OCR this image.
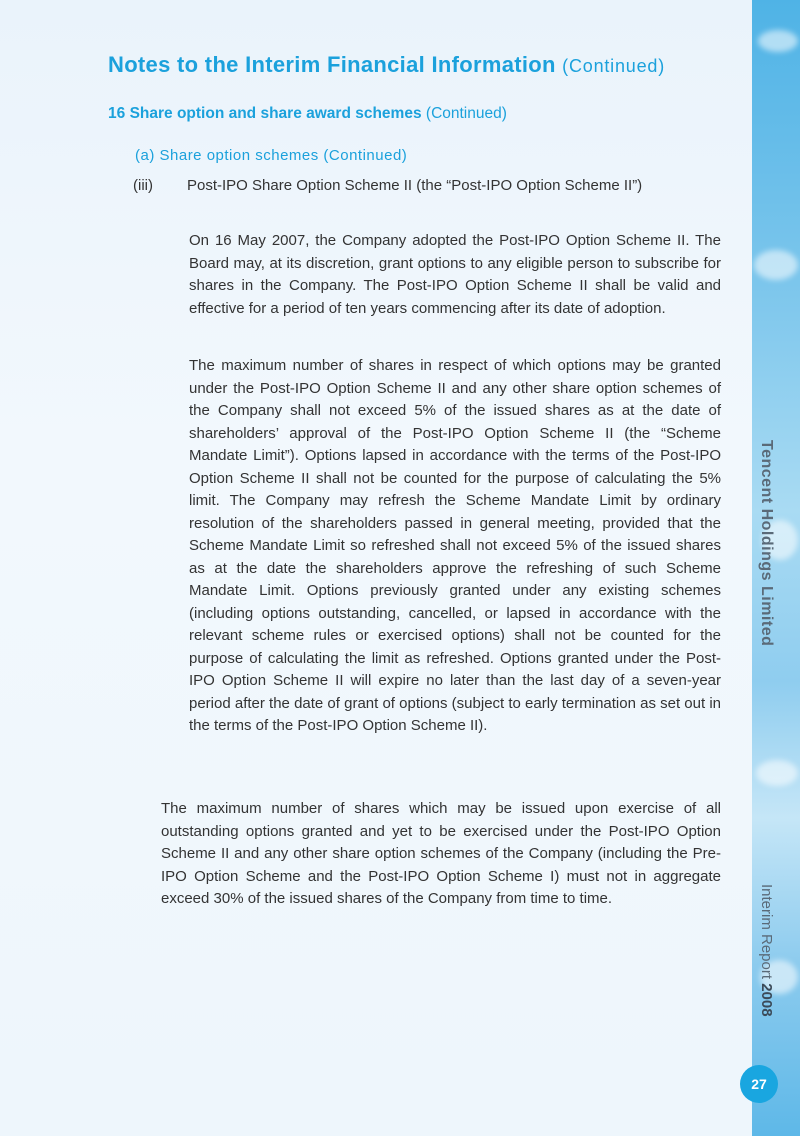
Tencent Holdings Limited
Interim Report 2008
27
Notes to the Interim Financial Information (Continued)
16 Share option and share award schemes (Continued)
(a) Share option schemes (Continued)
(iii) Post-IPO Share Option Scheme II (the “Post-IPO Option Scheme II”)
On 16 May 2007, the Company adopted the Post-IPO Option Scheme II. The Board may, at its discretion, grant options to any eligible person to subscribe for shares in the Company. The Post-IPO Option Scheme II shall be valid and effective for a period of ten years commencing after its date of adoption.
The maximum number of shares in respect of which options may be granted under the Post-IPO Option Scheme II and any other share option schemes of the Company shall not exceed 5% of the issued shares as at the date of shareholders’ approval of the Post-IPO Option Scheme II (the “Scheme Mandate Limit”). Options lapsed in accordance with the terms of the Post-IPO Option Scheme II shall not be counted for the purpose of calculating the 5% limit. The Company may refresh the Scheme Mandate Limit by ordinary resolution of the shareholders passed in general meeting, provided that the Scheme Mandate Limit so refreshed shall not exceed 5% of the issued shares as at the date the shareholders approve the refreshing of such Scheme Mandate Limit. Options previously granted under any existing schemes (including options outstanding, cancelled, or lapsed in accordance with the relevant scheme rules or exercised options) shall not be counted for the purpose of calculating the limit as refreshed. Options granted under the Post-IPO Option Scheme II will expire no later than the last day of a seven-year period after the date of grant of options (subject to early termination as set out in the terms of the Post-IPO Option Scheme II).
The maximum number of shares which may be issued upon exercise of all outstanding options granted and yet to be exercised under the Post-IPO Option Scheme II and any other share option schemes of the Company (including the Pre-IPO Option Scheme and the Post-IPO Option Scheme I) must not in aggregate exceed 30% of the issued shares of the Company from time to time.
